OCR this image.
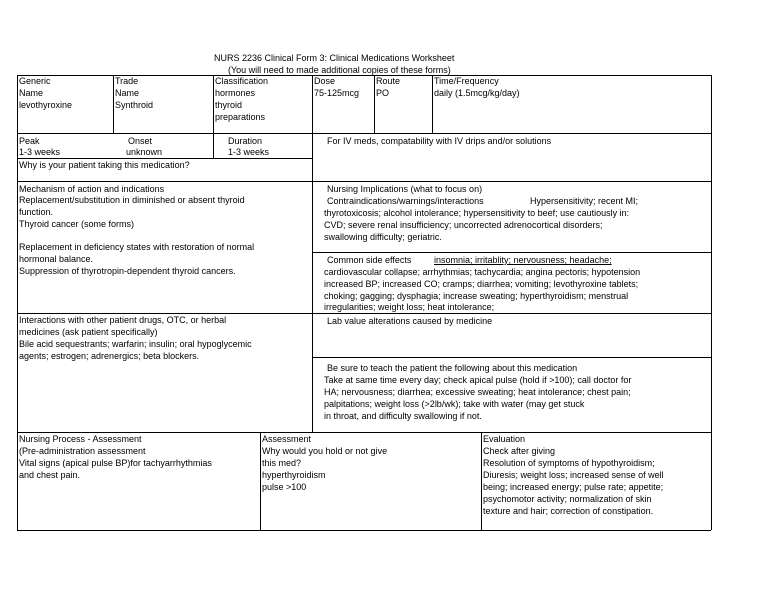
NURS 2236 Clinical Form 3: Clinical Medications Worksheet
(You will need to made additional copies of these forms)
Generic
Name
levothyroxine
Trade
Name
Synthroid
Classification
hormones
thyroid
preparations
Dose
75-125mcg
Route
PO
Time/Frequency
daily (1.5mcg/kg/day)
Peak
1-3 weeks
Onset
unknown
Duration
1-3 weeks
For IV meds, compatability with IV drips and/or solutions
Why is your patient taking this medication?
Mechanism of action and indications
Replacement/substitution in diminished or absent thyroid
function.
Thyroid cancer (some forms)
Replacement in deficiency states with restoration of normal
hormonal balance.
Suppression of thyrotropin-dependent thyroid cancers.
Nursing Implications (what to focus on)
Contraindications/warnings/interactions	Hypersensitivity; recent MI;
thyrotoxicosis; alcohol intolerance; hypersensitivity to beef; use cautiously in:
CVD; severe renal insufficiency; uncorrected adrenocortical disorders;
swallowing difficulty; geriatric.
Common side effects	insomnia; irritablity; nervousness; headache;
cardiovascular collapse; arrhythmias; tachycardia; angina pectoris; hypotension
increased BP; increased CO; cramps; diarrhea; vomiting; levothyroxine tablets;
choking; gagging; dysphagia; increase sweating; hyperthyroidism; menstrual
irregularities; weight loss; heat intolerance;
Interactions with other patient drugs, OTC, or herbal
medicines (ask patient specifically)
Bile acid sequestrants; warfarin; insulin; oral hypoglycemic
agents; estrogen; adrenergics; beta blockers.
Lab value alterations caused by medicine
Be sure to teach the patient the following about this medication
Take at same time every day; check apical pulse (hold if >100); call doctor for
HA; nervousness; diarrhea; excessive sweating; heat intolerance; chest pain;
palpitations; weight loss (>2lb/wk); take with water (may get stuck
in throat, and difficulty swallowing if not.
Nursing Process - Assessment
(Pre-administration assessment
Vital signs (apical pulse BP)for tachyarrhythmias
and chest pain.
Assessment
Why would you hold or not give
this med?
hyperthyroidism
pulse >100
Evaluation
Check after giving
Resolution of symptoms of hypothyroidism;
Diuresis; weight loss; increased sense of well
being; increased energy; pulse rate; appetite;
psychomotor activity; normalization of skin
texture and hair; correction of constipation.
